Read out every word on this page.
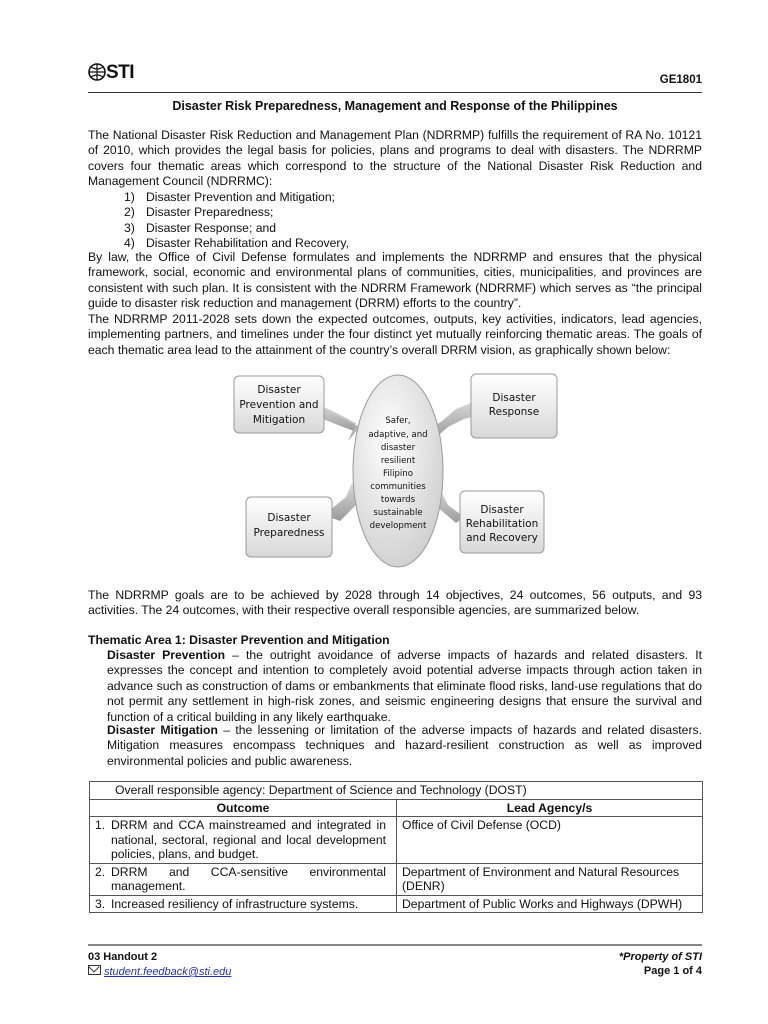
STI	GE1801
Disaster Risk Preparedness, Management and Response of the Philippines
The National Disaster Risk Reduction and Management Plan (NDRRMP) fulfills the requirement of RA No. 10121 of 2010, which provides the legal basis for policies, plans and programs to deal with disasters. The NDRRMP covers four thematic areas which correspond to the structure of the National Disaster Risk Reduction and Management Council (NDRRMC):
1) Disaster Prevention and Mitigation;
2) Disaster Preparedness;
3) Disaster Response; and
4) Disaster Rehabilitation and Recovery,
By law, the Office of Civil Defense formulates and implements the NDRRMP and ensures that the physical framework, social, economic and environmental plans of communities, cities, municipalities, and provinces are consistent with such plan. It is consistent with the NDRRM Framework (NDRRMF) which serves as “the principal guide to disaster risk reduction and management (DRRM) efforts to the country”.
The NDRRMP 2011-2028 sets down the expected outcomes, outputs, key activities, indicators, lead agencies, implementing partners, and timelines under the four distinct yet mutually reinforcing thematic areas. The goals of each thematic area lead to the attainment of the country’s overall DRRM vision, as graphically shown below:
Safer,
adaptive, and
disaster
resilient
Filipino
communities
towards
sustainable
development
Disaster
Prevention and
Mitigation
Disaster
Response
Disaster
Preparedness
Disaster
Rehabilitation
and Recovery
The NDRRMP goals are to be achieved by 2028 through 14 objectives, 24 outcomes, 56 outputs, and 93 activities. The 24 outcomes, with their respective overall responsible agencies, are summarized below.
Thematic Area 1: Disaster Prevention and Mitigation
Disaster Prevention – the outright avoidance of adverse impacts of hazards and related disasters. It expresses the concept and intention to completely avoid potential adverse impacts through action taken in advance such as construction of dams or embankments that eliminate flood risks, land-use regulations that do not permit any settlement in high-risk zones, and seismic engineering designs that ensure the survival and function of a critical building in any likely earthquake.
Disaster Mitigation – the lessening or limitation of the adverse impacts of hazards and related disasters. Mitigation measures encompass techniques and hazard-resilient construction as well as improved environmental policies and public awareness.
Overall responsible agency: Department of Science and Technology (DOST)	
Outcome	Lead Agency/s
1. DRRM and CCA mainstreamed and integrated in national, sectoral, regional and local development policies, plans, and budget.	Office of Civil Defense (OCD)
2. DRRM and CCA-sensitive environmental management.	Department of Environment and Natural Resources (DENR)
3. Increased resiliency of infrastructure systems.	Department of Public Works and Highways (DPWH)
03 Handout 2
student.feedback@sti.edu
*Property of STI
Page 1 of 4
